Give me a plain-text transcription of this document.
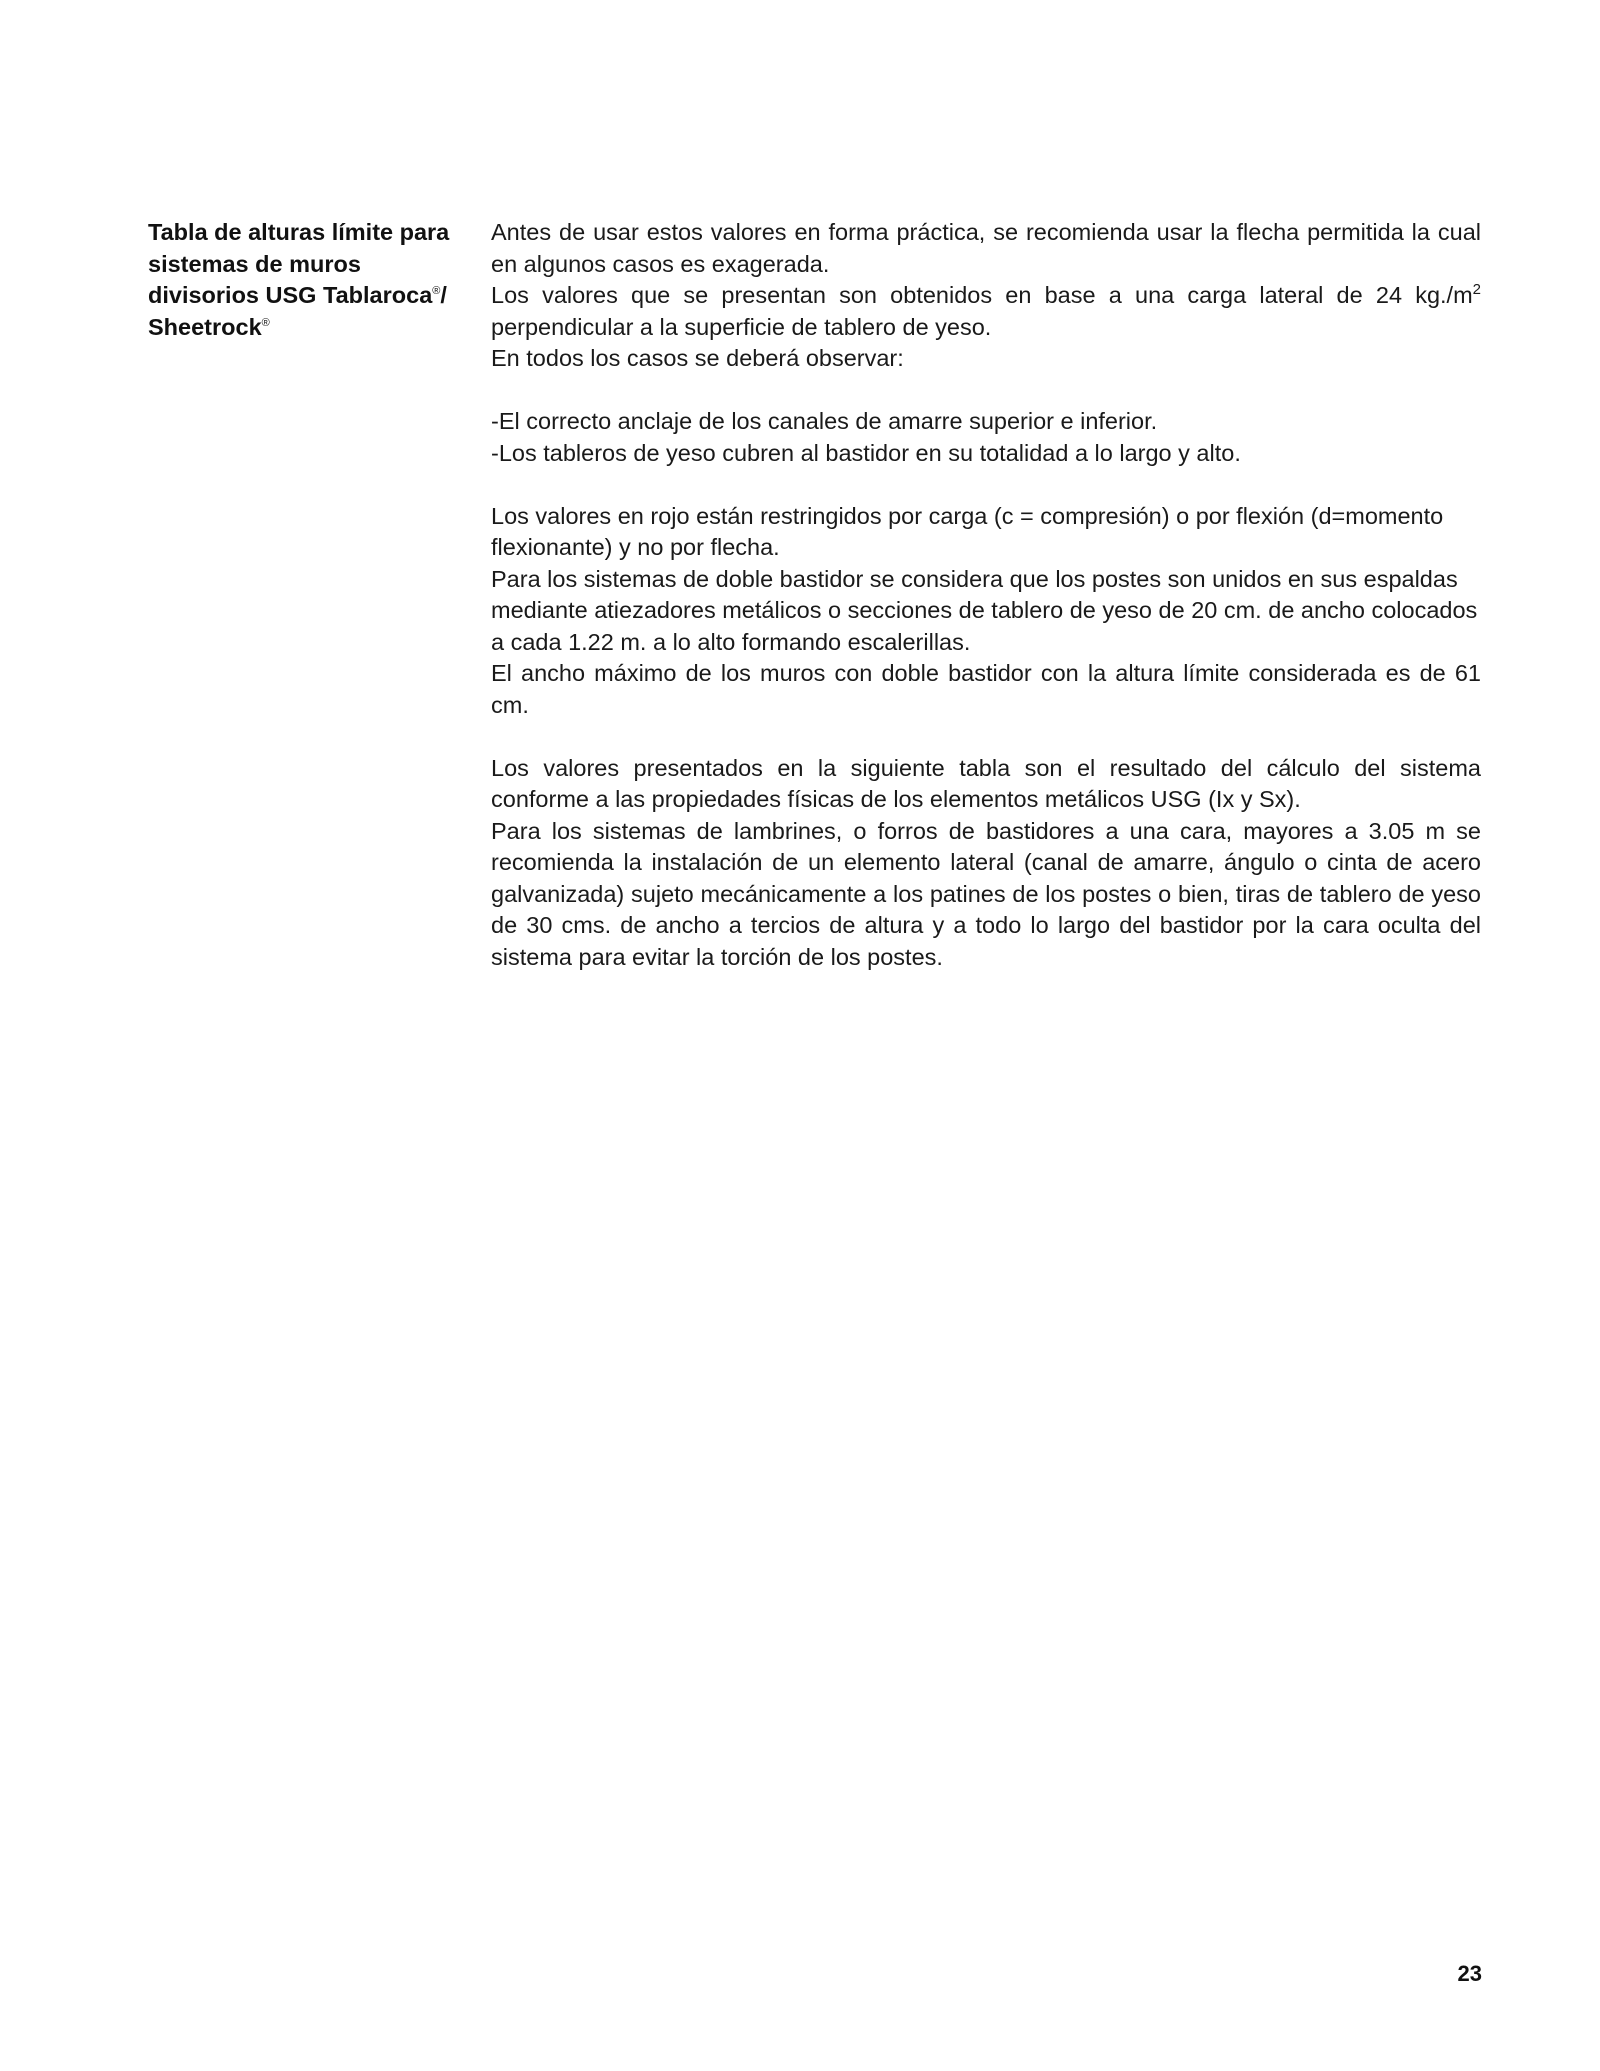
Tabla de alturas límite para
sistemas de muros
divisorios USG Tablaroca®/
Sheetrock®

Antes de usar estos valores en forma práctica, se recomienda usar la flecha permitida la cual en algunos casos es exagerada.

Los valores que se presentan son obtenidos en base a una carga lateral de 24 $kg./m^2$ perpendicular a la superficie de tablero de yeso.

En todos los casos se deberá observar:

-El correcto anclaje de los canales de amarre superior e inferior.

-Los tableros de yeso cubren al bastidor en su totalidad a lo largo y alto.

Los valores en rojo están restringidos por carga (c = compresión) o por flexión (d=momento flexionante) y no por flecha.

Para los sistemas de doble bastidor se considera que los postes son unidos en sus espaldas mediante atiezadores metálicos o secciones de tablero de yeso de 20 cm. de ancho colocados a cada 1.22 m. a lo alto formando escalerillas.

El ancho máximo de los muros con doble bastidor con la altura límite considerada es de 61 cm.

Los valores presentados en la siguiente tabla son el resultado del cálculo del sistema conforme a las propiedades físicas de los elementos metálicos USG (Ix y Sx).

Para los sistemas de lambrines, o forros de bastidores a una cara, mayores a 3.05 m se recomienda la instalación de un elemento lateral (canal de amarre, ángulo o cinta de acero galvanizada) sujeto mecánicamente a los patines de los postes o bien, tiras de tablero de yeso de 30 cms. de ancho a tercios de altura y a todo lo largo del bastidor por la cara oculta del sistema para evitar la torción de los postes.

23
